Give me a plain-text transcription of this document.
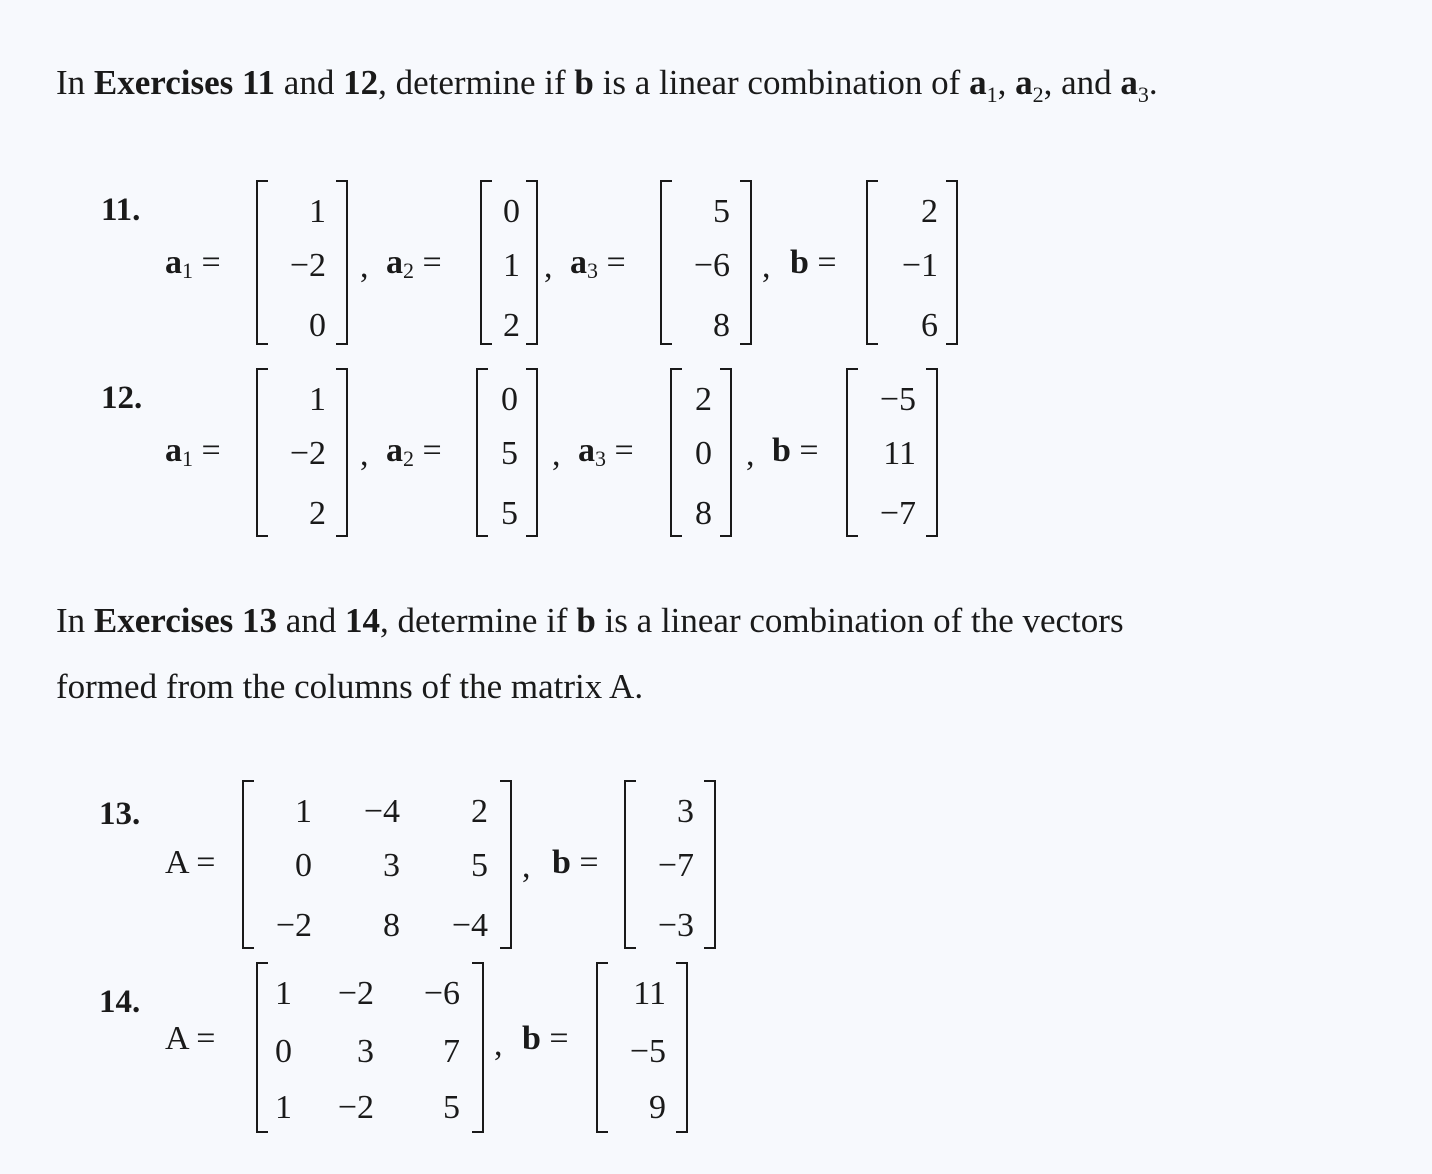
In Exercises 11 and 12, determine if b is a linear combination of $a_1$, $a_2$, and $a_3$.
11.
$a_1$ =
1
−2
0
, $a_2$ =
0
1
2
, $a_3$ =
5
−6
8
, b =
2
−1
6
12.
$a_1$ =
1
−2
2
, $a_2$ =
0
5
5
, $a_3$ =
2
0
8
, b =
−5
11
−7
In Exercises 13 and 14, determine if b is a linear combination of the vectors
formed from the columns of the matrix A.
13.
A =
1 −4 2
0 3 5
−2 8 −4
, b =
3
−7
−3
14.
A =
1 −2 −6
0 3 7
1 −2 5
, b =
11
−5
9
